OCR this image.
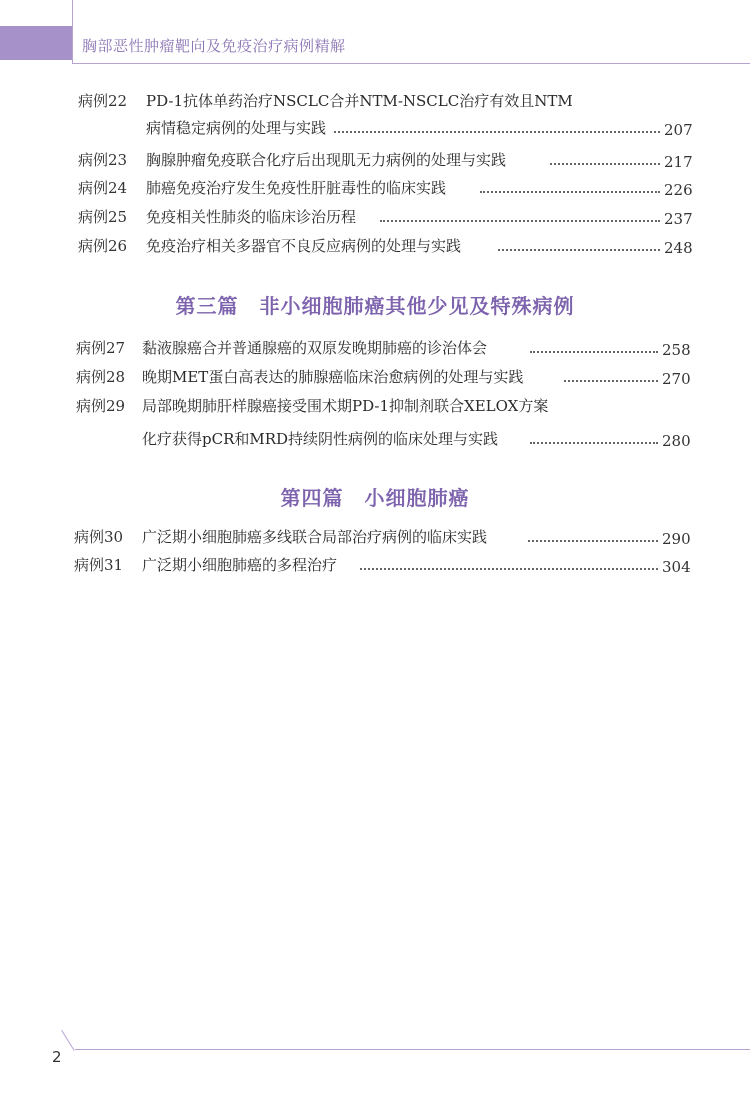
胸部恶性肿瘤靶向及免疫治疗病例精解
病例22 PD-1抗体单药治疗NSCLC合并NTM-NSCLC治疗有效且NTM
病情稳定病例的处理与实践	207
病例23 胸腺肿瘤免疫联合化疗后出现肌无力病例的处理与实践	217
病例24 肺癌免疫治疗发生免疫性肝脏毒性的临床实践	226
病例25 免疫相关性肺炎的临床诊治历程	237
病例26 免疫治疗相关多器官不良反应病例的处理与实践	248
第三篇　非小细胞肺癌其他少见及特殊病例
病例27 黏液腺癌合并普通腺癌的双原发晚期肺癌的诊治体会	258
病例28 晚期MET蛋白高表达的肺腺癌临床治愈病例的处理与实践	270
病例29 局部晚期肺肝样腺癌接受围术期PD-1抑制剂联合XELOX方案
化疗获得pCR和MRD持续阴性病例的临床处理与实践	280
第四篇　小细胞肺癌
病例30 广泛期小细胞肺癌多线联合局部治疗病例的临床实践	290
病例31 广泛期小细胞肺癌的多程治疗	304
2
